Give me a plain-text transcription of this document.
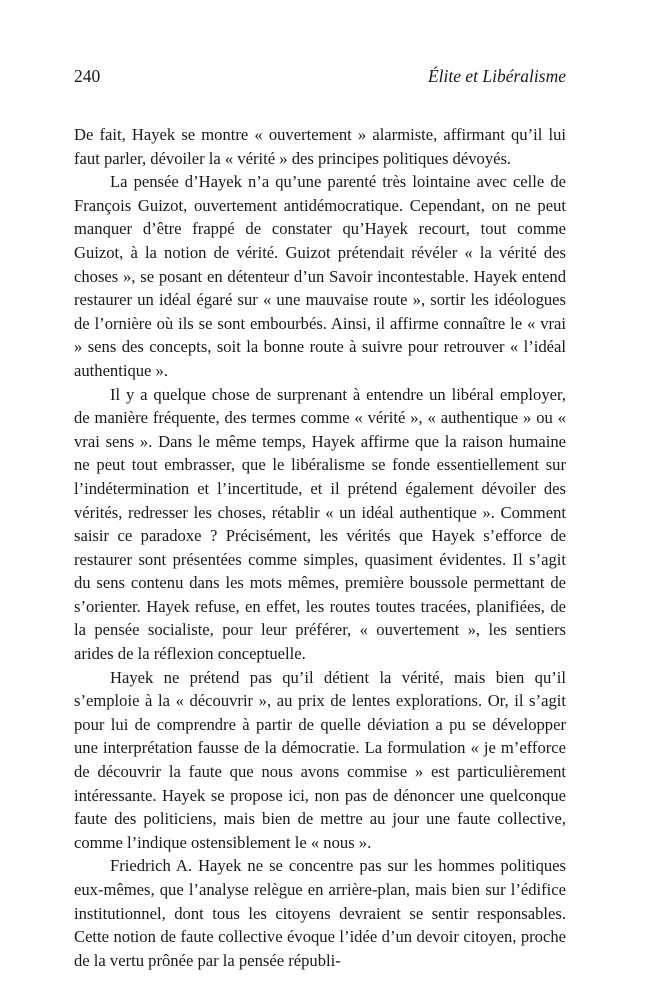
240	Élite et Libéralisme

De fait, Hayek se montre « ouvertement » alarmiste, affirmant qu’il lui faut parler, dévoiler la « vérité » des principes politiques dévoyés.

La pensée d’Hayek n’a qu’une parenté très lointaine avec celle de François Guizot, ouvertement antidémocratique. Cependant, on ne peut manquer d’être frappé de constater qu’Hayek recourt, tout comme Guizot, à la notion de vérité. Guizot prétendait révéler « la vérité des choses », se posant en détenteur d’un Savoir incontestable. Hayek entend restaurer un idéal égaré sur « une mauvaise route », sortir les idéologues de l’ornière où ils se sont embourbés. Ainsi, il affirme connaître le « vrai » sens des concepts, soit la bonne route à suivre pour retrouver « l’idéal authentique ».

Il y a quelque chose de surprenant à entendre un libéral employer, de manière fréquente, des termes comme « vérité », « authentique » ou « vrai sens ». Dans le même temps, Hayek affirme que la raison humaine ne peut tout embrasser, que le libéralisme se fonde essentiellement sur l’indétermination et l’incertitude, et il prétend également dévoiler des vérités, redresser les choses, rétablir « un idéal authentique ». Comment saisir ce paradoxe ? Précisément, les vérités que Hayek s’efforce de restaurer sont présentées comme simples, quasiment évidentes. Il s’agit du sens contenu dans les mots mêmes, première boussole permettant de s’orienter. Hayek refuse, en effet, les routes toutes tracées, planifiées, de la pensée socialiste, pour leur préférer, « ouvertement », les sentiers arides de la réflexion conceptuelle.

Hayek ne prétend pas qu’il détient la vérité, mais bien qu’il s’emploie à la « découvrir », au prix de lentes explorations. Or, il s’agit pour lui de comprendre à partir de quelle déviation a pu se développer une interprétation fausse de la démocratie. La formulation « je m’efforce de découvrir la faute que nous avons commise » est particulièrement intéressante. Hayek se propose ici, non pas de dénoncer une quelconque faute des politiciens, mais bien de mettre au jour une faute collective, comme l’indique ostensiblement le « nous ».

Friedrich A. Hayek ne se concentre pas sur les hommes politiques eux-mêmes, que l’analyse relègue en arrière-plan, mais bien sur l’édifice institutionnel, dont tous les citoyens devraient se sentir responsables. Cette notion de faute collective évoque l’idée d’un devoir citoyen, proche de la vertu prônée par la pensée républi-
